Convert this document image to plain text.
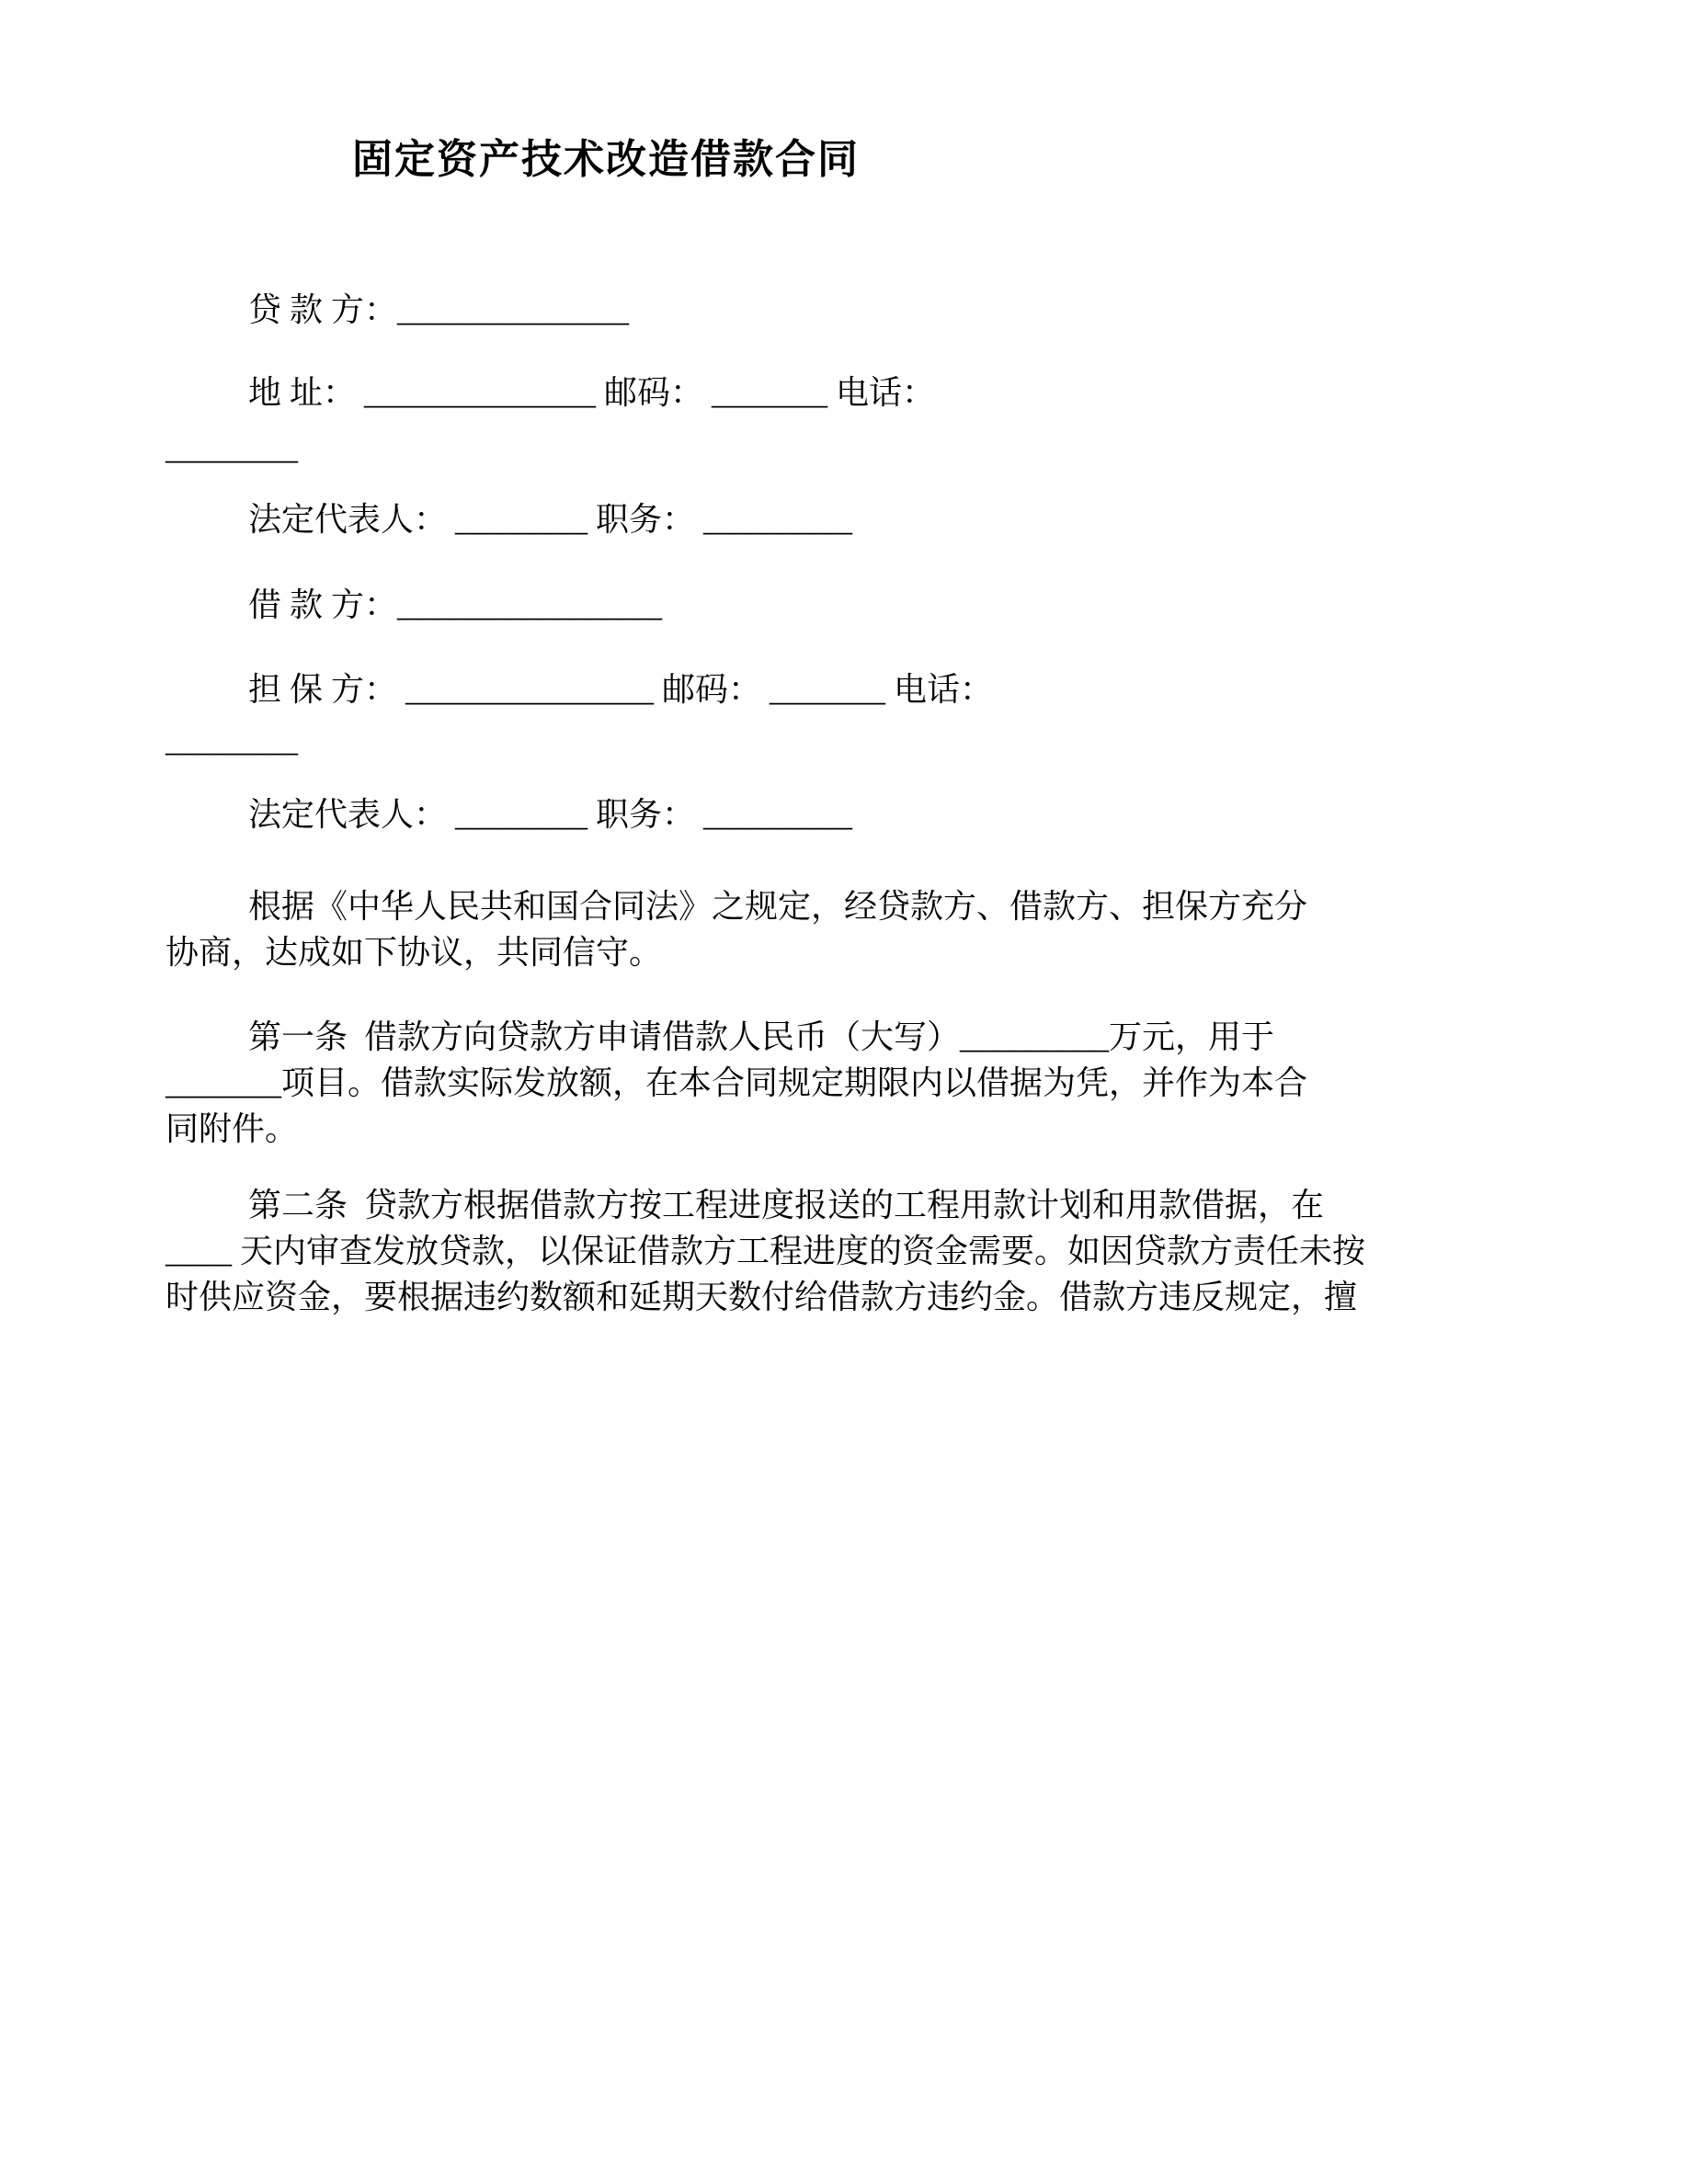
固定资产技术改造借款合同
贷 款 方：______________
地 址： ______________ 邮码： _______ 电话：
________
法定代表人： ________ 职务： _________
借 款 方：________________
担 保 方： _______________ 邮码： _______ 电话：
________
法定代表人： ________ 职务： _________
根据《中华人民共和国合同法》之规定，经贷款方、借款方、担保方充分
协商，达成如下协议，共同信守。
第一条  借款方向贷款方申请借款人民币（大写）_________万元，用于
_______项目。借款实际发放额，在本合同规定期限内以借据为凭，并作为本合
同附件。
第二条  贷款方根据借款方按工程进度报送的工程用款计划和用款借据，在
____ 天内审查发放贷款，以保证借款方工程进度的资金需要。如因贷款方责任未按
时供应资金，要根据违约数额和延期天数付给借款方违约金。借款方违反规定，擅
